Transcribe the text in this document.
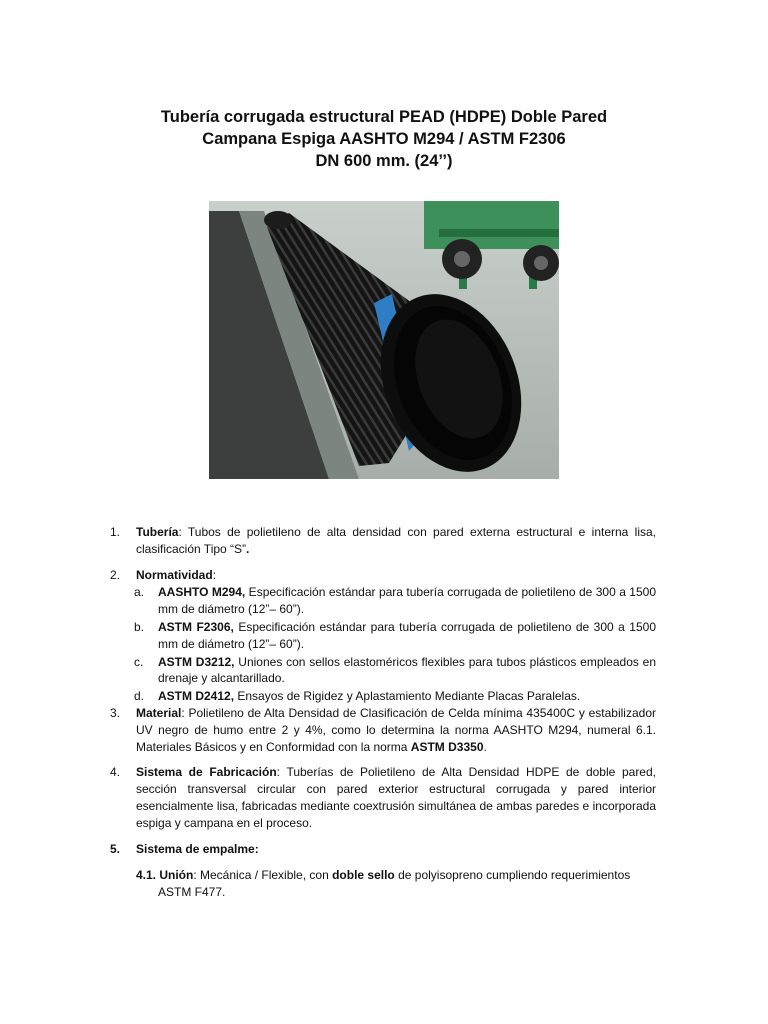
Tubería corrugada estructural PEAD (HDPE) Doble Pared
Campana Espiga AASHTO M294 / ASTM F2306
DN 600 mm. (24’’)
1. Tubería: Tubos de polietileno de alta densidad con pared externa estructural e interna lisa, clasificación Tipo “S”.
2. Normatividad:
a. AASHTO M294, Especificación estándar para tubería corrugada de polietileno de 300 a 1500 mm de diámetro (12”– 60”).
b. ASTM F2306, Especificación estándar para tubería corrugada de polietileno de 300 a 1500 mm de diámetro (12”– 60”).
c. ASTM D3212, Uniones con sellos elastoméricos flexibles para tubos plásticos empleados en drenaje y alcantarillado.
d. ASTM D2412, Ensayos de Rigidez y Aplastamiento Mediante Placas Paralelas.
3. Material: Polietileno de Alta Densidad de Clasificación de Celda mínima 435400C y estabilizador UV negro de humo entre 2 y 4%, como lo determina la norma AASHTO M294, numeral 6.1. Materiales Básicos y en Conformidad con la norma ASTM D3350.
4. Sistema de Fabricación: Tuberías de Polietileno de Alta Densidad HDPE de doble pared, sección transversal circular con pared exterior estructural corrugada y pared interior esencialmente lisa, fabricadas mediante coextrusión simultánea de ambas paredes e incorporada espiga y campana en el proceso.
5. Sistema de empalme:
4.1. Unión: Mecánica / Flexible, con doble sello de polyisopreno cumpliendo requerimientos ASTM F477.
